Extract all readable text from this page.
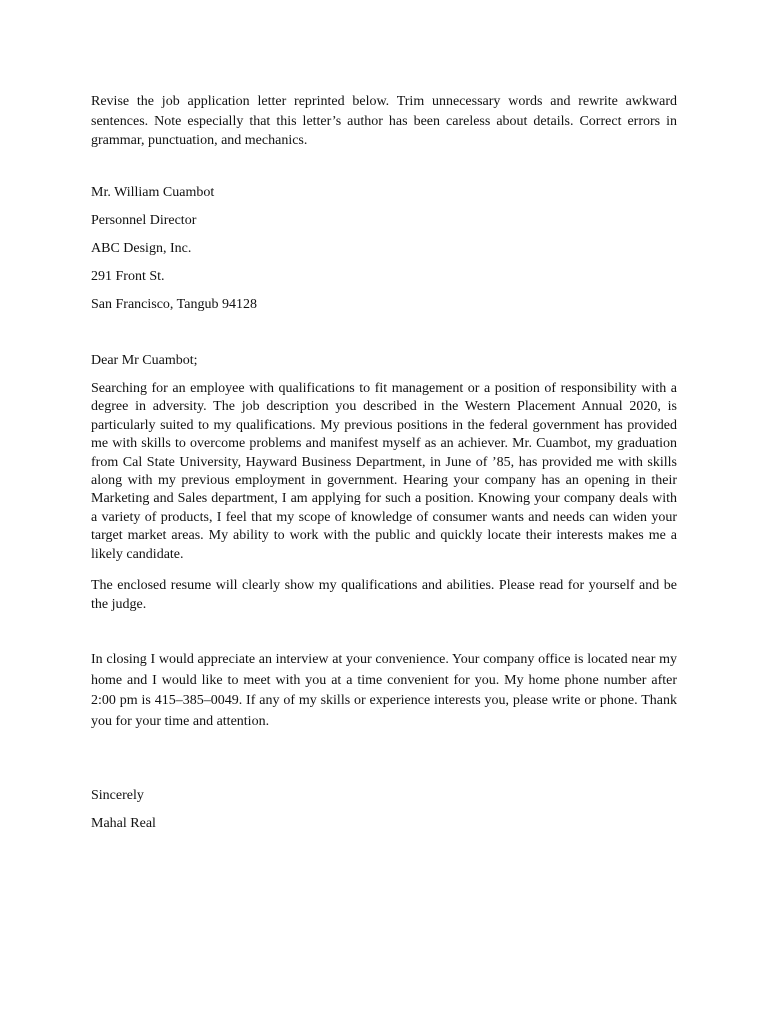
Revise the job application letter reprinted below. Trim unnecessary words and rewrite awkward sentences. Note especially that this letter’s author has been careless about details. Correct errors in grammar, punctuation, and mechanics.

Mr. William Cuambot

Personnel Director

ABC Design, Inc.

291 Front St.

San Francisco, Tangub 94128

Dear Mr Cuambot;

Searching for an employee with qualifications to fit management or a position of responsibility with a degree in adversity. The job description you described in the Western Placement Annual 2020, is particularly suited to my qualifications. My previous positions in the federal government has provided me with skills to overcome problems and manifest myself as an achiever. Mr. Cuambot, my graduation from Cal State University, Hayward Business Department, in June of ’85, has provided me with skills along with my previous employment in government. Hearing your company has an opening in their Marketing and Sales department, I am applying for such a position. Knowing your company deals with a variety of products, I feel that my scope of knowledge of consumer wants and needs can widen your target market areas. My ability to work with the public and quickly locate their interests makes me a likely candidate.

The enclosed resume will clearly show my qualifications and abilities. Please read for yourself and be the judge.

In closing I would appreciate an interview at your convenience. Your company office is located near my home and I would like to meet with you at a time convenient for you. My home phone number after 2:00 pm is 415–385–0049. If any of my skills or experience interests you, please write or phone. Thank you for your time and attention.

Sincerely

Mahal Real
